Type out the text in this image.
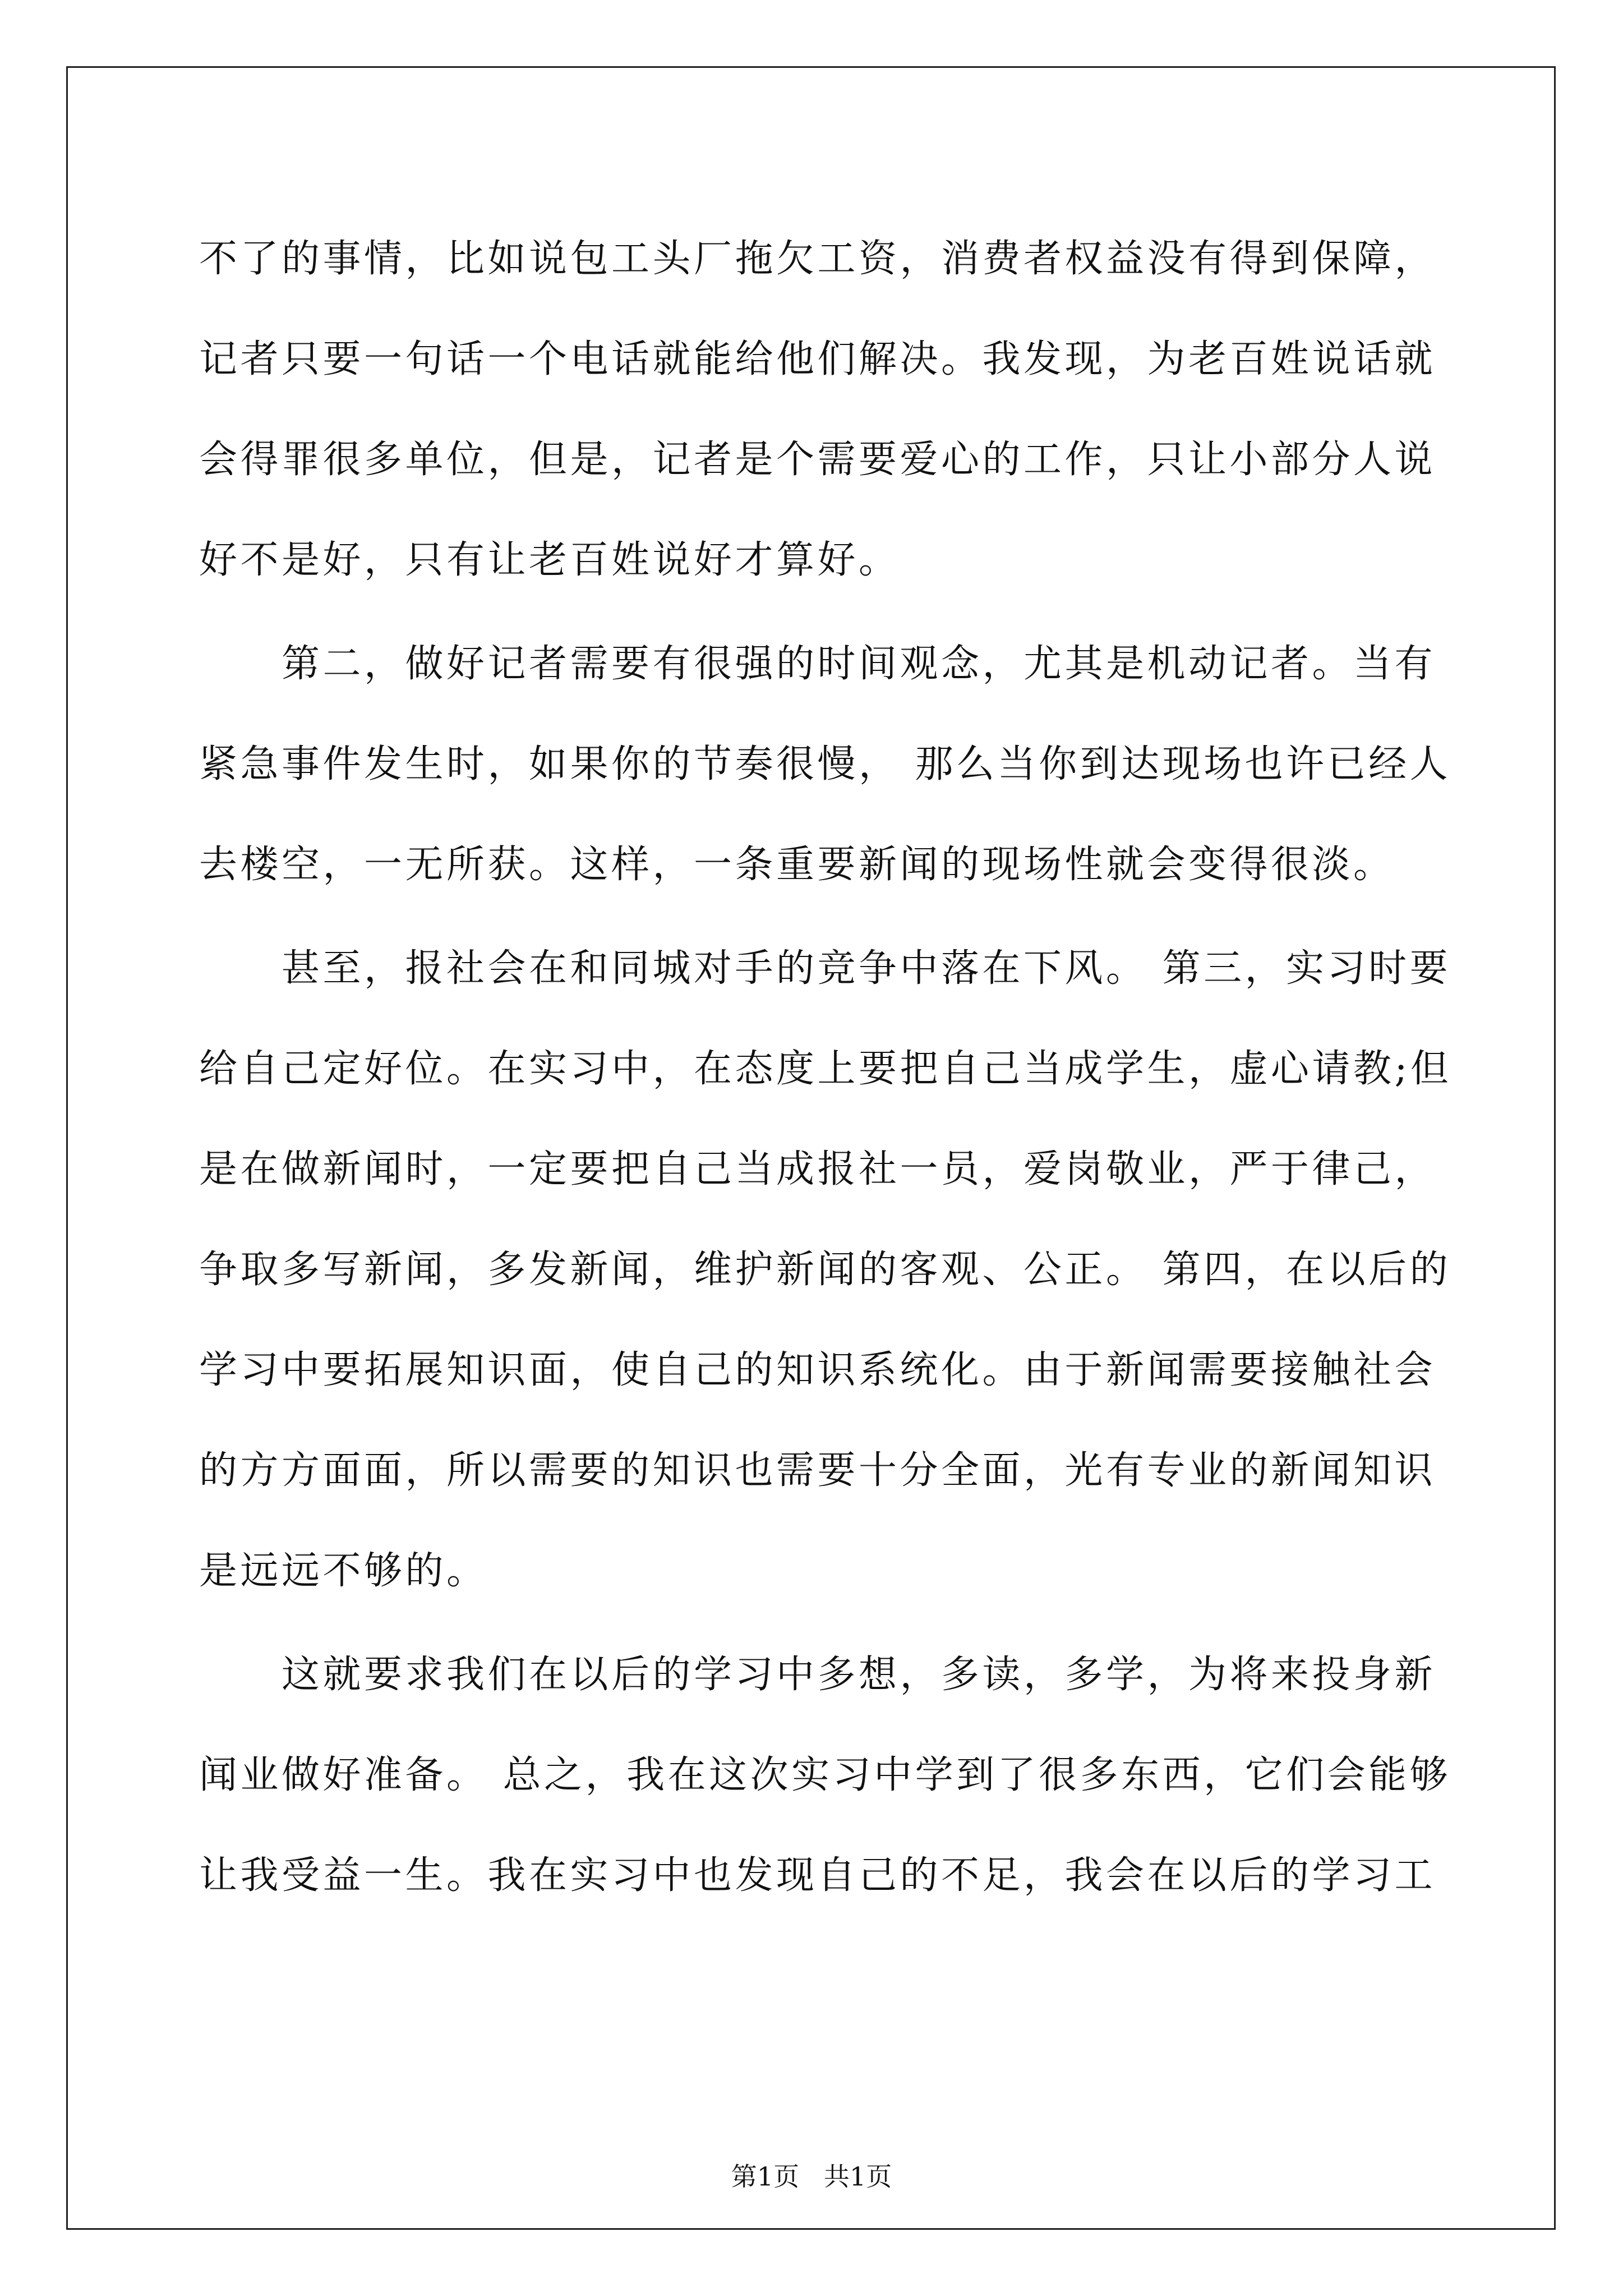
不了的事情，比如说包工头厂拖欠工资，消费者权益没有得到保障，
记者只要一句话一个电话就能给他们解决。我发现，为老百姓说话就
会得罪很多单位，但是，记者是个需要爱心的工作，只让小部分人说
好不是好，只有让老百姓说好才算好。
第二，做好记者需要有很强的时间观念，尤其是机动记者。当有
紧急事件发生时，如果你的节奏很慢， 那么当你到达现场也许已经人
去楼空，一无所获。这样，一条重要新闻的现场性就会变得很淡。
甚至，报社会在和同城对手的竞争中落在下风。 第三，实习时要
给自己定好位。在实习中，在态度上要把自己当成学生，虚心请教;但
是在做新闻时，一定要把自己当成报社一员，爱岗敬业，严于律己，
争取多写新闻，多发新闻，维护新闻的客观、公正。 第四，在以后的
学习中要拓展知识面，使自己的知识系统化。由于新闻需要接触社会
的方方面面，所以需要的知识也需要十分全面，光有专业的新闻知识
是远远不够的。
这就要求我们在以后的学习中多想，多读，多学，为将来投身新
闻业做好准备。 总之，我在这次实习中学到了很多东西，它们会能够
让我受益一生。我在实习中也发现自己的不足，我会在以后的学习工
第1页   共1页
